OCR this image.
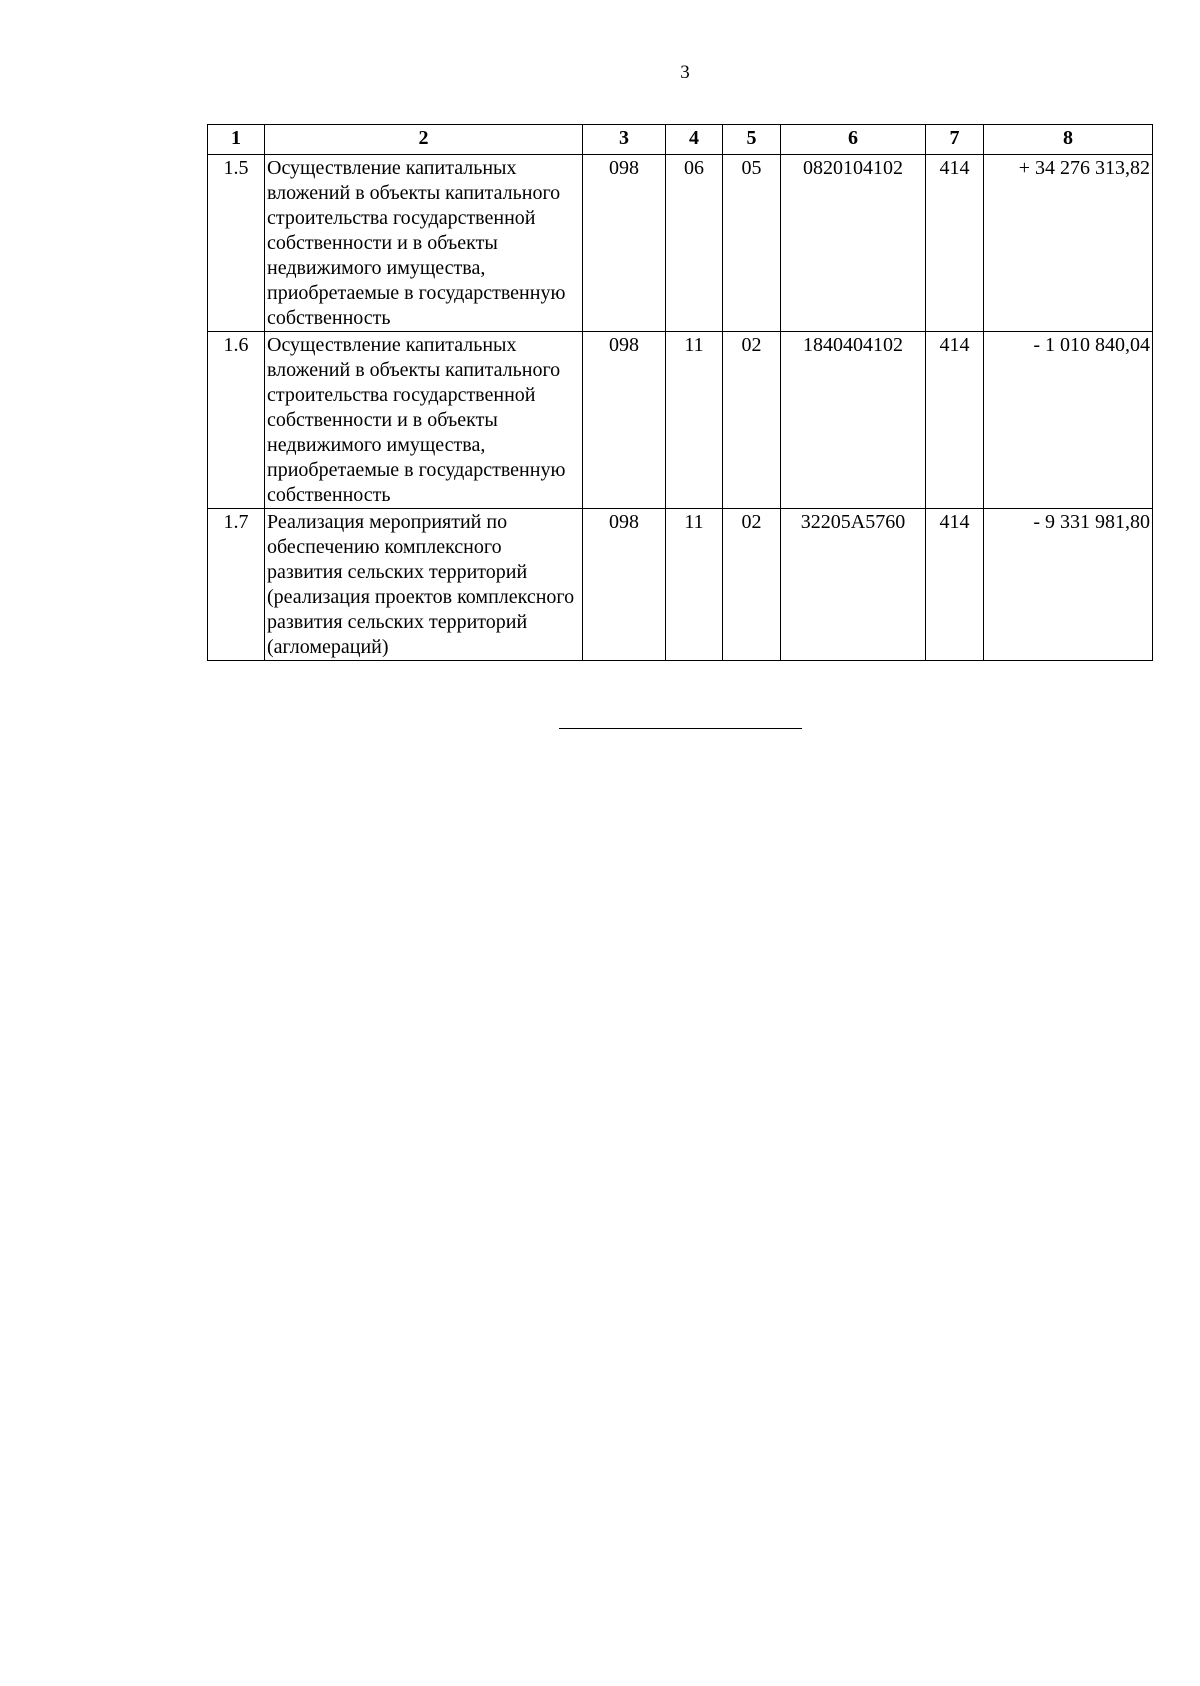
3
1	2	3	4	5	6	7	8
1.5	Осуществление капитальных вложений в объекты капитального строительства государственной собственности и в объекты недвижимого имущества, приобретаемые в государственную собственность	098	06	05	0820104102	414	+ 34 276 313,82
1.6	Осуществление капитальных вложений в объекты капитального строительства государственной собственности и в объекты недвижимого имущества, приобретаемые в государственную собственность	098	11	02	1840404102	414	- 1 010 840,04
1.7	Реализация мероприятий по обеспечению комплексного развития сельских территорий (реализация проектов комплексного развития сельских территорий (агломераций)	098	11	02	32205A5760	414	- 9 331 981,80
